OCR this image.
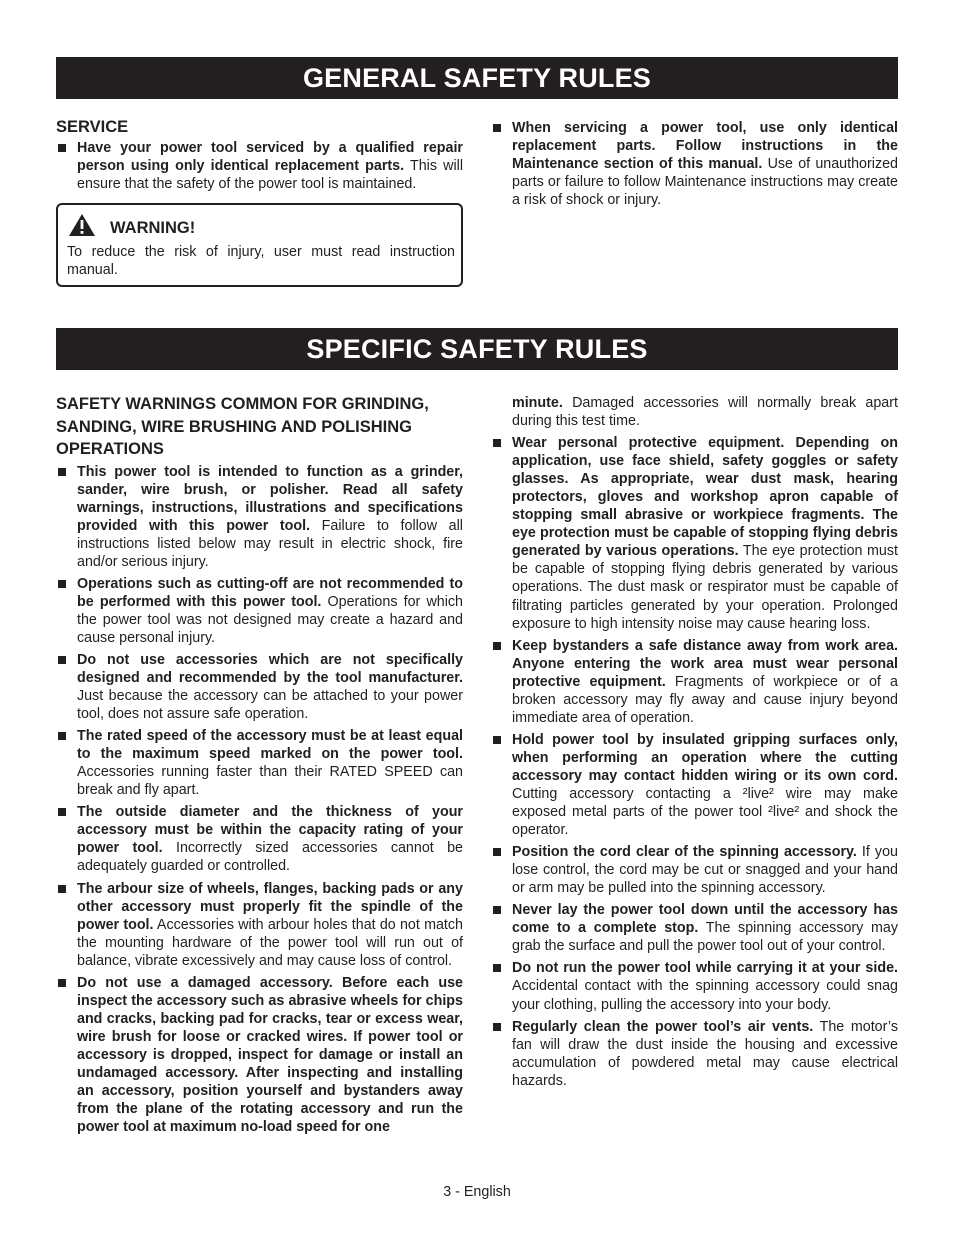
GENERAL SAFETY RULES
SERVICE
Have your power tool serviced by a qualified repair person using only identical replacement parts. This will ensure that the safety of the power tool is maintained.
WARNING!
To reduce the risk of injury, user must read instruction manual.
When servicing a power tool, use only identical replacement parts. Follow instructions in the Maintenance section of this manual. Use of unauthorized parts or failure to follow Maintenance instructions may create a risk of shock or injury.
SPECIFIC SAFETY RULES
SAFETY WARNINGS COMMON FOR GRINDING, SANDING, WIRE BRUSHING AND POLISHING OPERATIONS
This power tool is intended to function as a grinder, sander, wire brush, or polisher. Read all safety warnings, instructions, illustrations and specifications provided with this power tool. Failure to follow all instructions listed below may result in electric shock, fire and/or serious injury.
Operations such as cutting-off are not recommended to be performed with this power tool. Operations for which the power tool was not designed may create a hazard and cause personal injury.
Do not use accessories which are not specifically designed and recommended by the tool manufacturer. Just because the accessory can be attached to your power tool, does not assure safe operation.
The rated speed of the accessory must be at least equal to the maximum speed marked on the power tool. Accessories running faster than their RATED SPEED can break and fly apart.
The outside diameter and the thickness of your accessory must be within the capacity rating of your power tool. Incorrectly sized accessories cannot be adequately guarded or controlled.
The arbour size of wheels, flanges, backing pads or any other accessory must properly fit the spindle of the power tool. Accessories with arbour holes that do not match the mounting hardware of the power tool will run out of balance, vibrate excessively and may cause loss of control.
Do not use a damaged accessory. Before each use inspect the accessory such as abrasive wheels for chips and cracks, backing pad for cracks, tear or excess wear, wire brush for loose or cracked wires. If power tool or accessory is dropped, inspect for damage or install an undamaged accessory. After inspecting and installing an accessory, position yourself and bystanders away from the plane of the rotating accessory and run the power tool at maximum no-load speed for one

minute. Damaged accessories will normally break apart during this test time.

Wear personal protective equipment. Depending on application, use face shield, safety goggles or safety glasses. As appropriate, wear dust mask, hearing protectors, gloves and workshop apron capable of stopping small abrasive or workpiece fragments. The eye protection must be capable of stopping flying debris generated by various operations. The eye protection must be capable of stopping flying debris generated by various operations. The dust mask or respirator must be capable of filtrating particles generated by your operation. Prolonged exposure to high intensity noise may cause hearing loss.
Keep bystanders a safe distance away from work area. Anyone entering the work area must wear personal protective equipment. Fragments of workpiece or of a broken accessory may fly away and cause injury beyond immediate area of operation.
Hold power tool by insulated gripping surfaces only, when performing an operation where the cutting accessory may contact hidden wiring or its own cord. Cutting accessory contacting a ²live² wire may make exposed metal parts of the power tool ²live² and shock the operator.
Position the cord clear of the spinning accessory. If you lose control, the cord may be cut or snagged and your hand or arm may be pulled into the spinning accessory.
Never lay the power tool down until the accessory has come to a complete stop. The spinning accessory may grab the surface and pull the power tool out of your control.
Do not run the power tool while carrying it at your side. Accidental contact with the spinning accessory could snag your clothing, pulling the accessory into your body.
Regularly clean the power tool’s air vents. The motor’s fan will draw the dust inside the housing and excessive accumulation of powdered metal may cause electrical hazards.
3 - English
